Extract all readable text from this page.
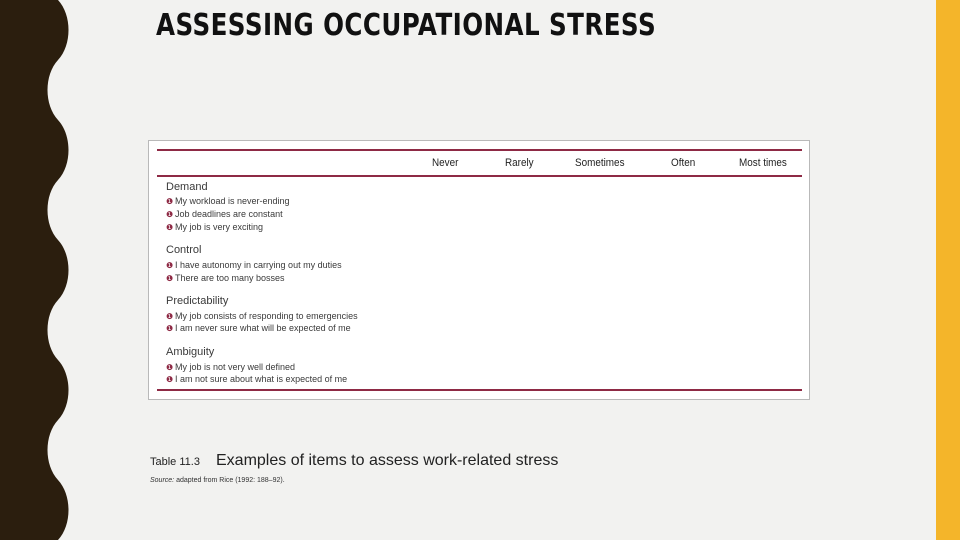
ASSESSING OCCUPATIONAL STRESS
Never	Rarely	Sometimes	Often	Most times
Demand
❶ My workload is never-ending
❶ Job deadlines are constant
❶ My job is very exciting
Control
❶ I have autonomy in carrying out my duties
❶ There are too many bosses
Predictability
❶ My job consists of responding to emergencies
❶ I am never sure what will be expected of me
Ambiguity
❶ My job is not very well defined
❶ I am not sure about what is expected of me
Table 11.3 Examples of items to assess work-related stress
Source: adapted from Rice (1992: 188–92).
